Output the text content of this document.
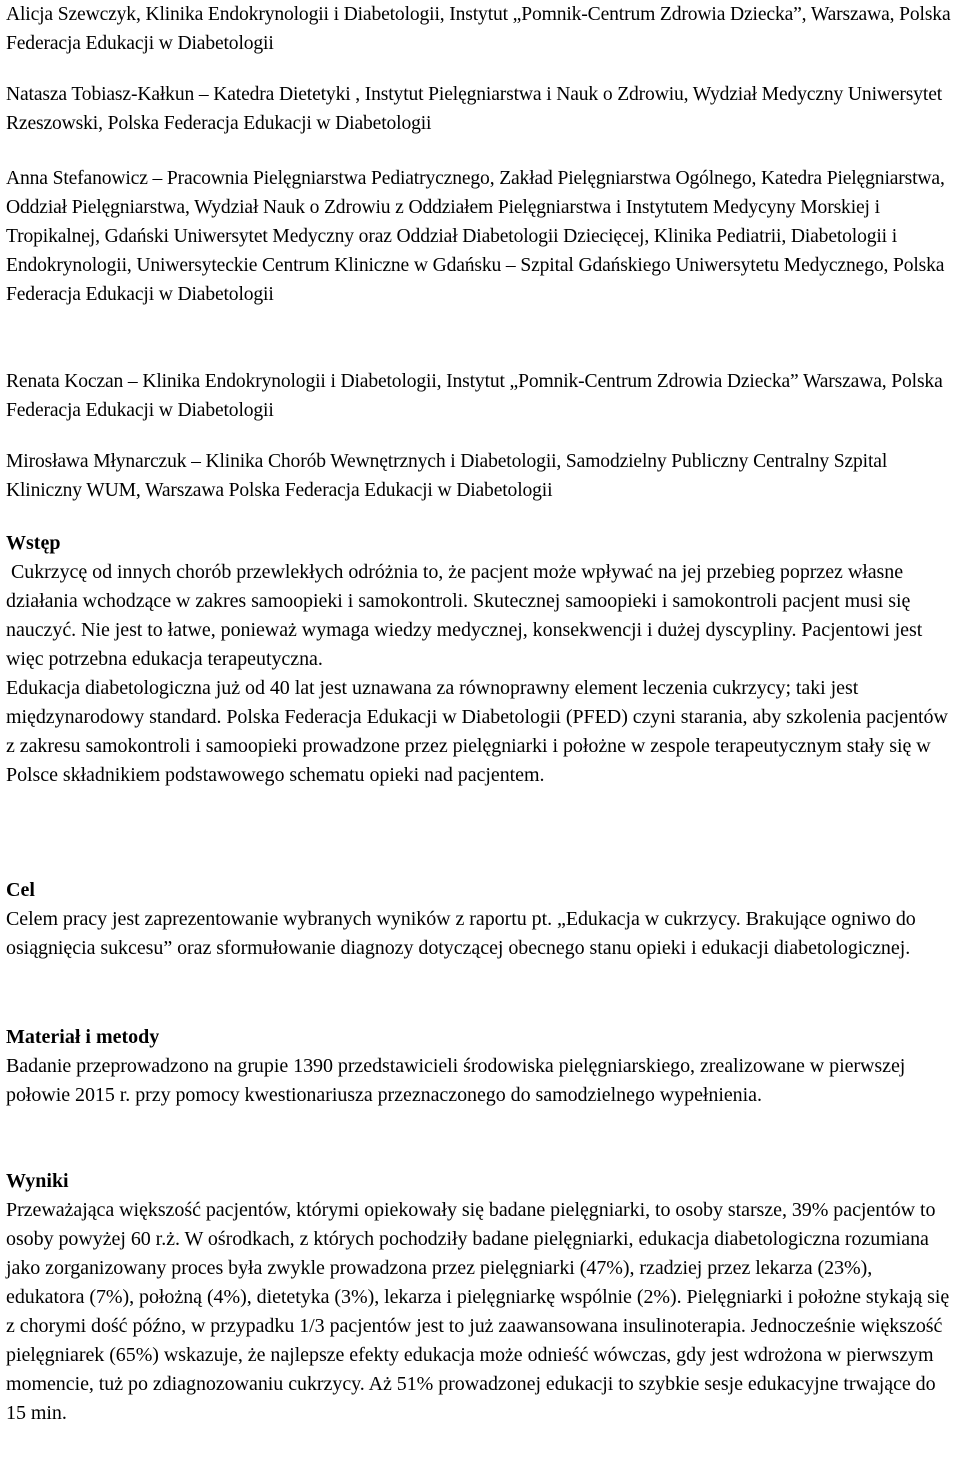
Alicja Szewczyk, Klinika Endokrynologii i Diabetologii, Instytut „Pomnik-Centrum Zdrowia Dziecka”, Warszawa, Polska Federacja Edukacji w Diabetologii

Natasza Tobiasz-Kałkun – Katedra Dietetyki , Instytut Pielęgniarstwa i Nauk o Zdrowiu, Wydział Medyczny Uniwersytet Rzeszowski, Polska Federacja Edukacji w Diabetologii

Anna Stefanowicz – Pracownia Pielęgniarstwa Pediatrycznego, Zakład Pielęgniarstwa Ogólnego, Katedra Pielęgniarstwa, Oddział Pielęgniarstwa, Wydział Nauk o Zdrowiu z Oddziałem Pielęgniarstwa i Instytutem Medycyny Morskiej i Tropikalnej, Gdański Uniwersytet Medyczny oraz Oddział Diabetologii Dziecięcej, Klinika Pediatrii, Diabetologii i Endokrynologii, Uniwersyteckie Centrum Kliniczne w Gdańsku – Szpital Gdańskiego Uniwersytetu Medycznego, Polska Federacja Edukacji w Diabetologii

Renata Koczan – Klinika Endokrynologii i Diabetologii, Instytut „Pomnik-Centrum Zdrowia Dziecka” Warszawa, Polska Federacja Edukacji w Diabetologii

Mirosława Młynarczuk – Klinika Chorób Wewnętrznych i Diabetologii, Samodzielny Publiczny Centralny Szpital Kliniczny WUM, Warszawa Polska Federacja Edukacji w Diabetologii

Wstęp

Cukrzycę od innych chorób przewlekłych odróżnia to, że pacjent może wpływać na jej przebieg poprzez własne działania wchodzące w zakres samoopieki i samokontroli. Skutecznej samoopieki i samokontroli pacjent musi się nauczyć. Nie jest to łatwe, ponieważ wymaga wiedzy medycznej, konsekwencji i dużej dyscypliny. Pacjentowi jest więc potrzebna edukacja terapeutyczna.

Edukacja diabetologiczna już od 40 lat jest uznawana za równoprawny element leczenia cukrzycy; taki jest międzynarodowy standard. Polska Federacja Edukacji w Diabetologii (PFED) czyni starania, aby szkolenia pacjentów z zakresu samokontroli i samoopieki prowadzone przez pielęgniarki i położne w zespole terapeutycznym stały się w Polsce składnikiem podstawowego schematu opieki nad pacjentem.

Cel

Celem pracy jest zaprezentowanie wybranych wyników z raportu pt. „Edukacja w cukrzycy. Brakujące ogniwo do osiągnięcia sukcesu” oraz sformułowanie diagnozy dotyczącej obecnego stanu opieki i edukacji diabetologicznej.

Materiał i metody

Badanie przeprowadzono na grupie 1390 przedstawicieli środowiska pielęgniarskiego, zrealizowane w pierwszej połowie 2015 r. przy pomocy kwestionariusza przeznaczonego do samodzielnego wypełnienia.

Wyniki

Przeważająca większość pacjentów, którymi opiekowały się badane pielęgniarki, to osoby starsze, 39% pacjentów to osoby powyżej 60 r.ż. W ośrodkach, z których pochodziły badane pielęgniarki, edukacja diabetologiczna rozumiana jako zorganizowany proces była zwykle prowadzona przez pielęgniarki (47%), rzadziej przez lekarza (23%), edukatora (7%), położną (4%), dietetyka (3%), lekarza i pielęgniarkę wspólnie (2%). Pielęgniarki i położne stykają się z chorymi dość późno, w przypadku 1/3 pacjentów jest to już zaawansowana insulinoterapia. Jednocześnie większość pielęgniarek (65%) wskazuje, że najlepsze efekty edukacja może odnieść wówczas, gdy jest wdrożona w pierwszym momencie, tuż po zdiagnozowaniu cukrzycy. Aż 51% prowadzonej edukacji to szybkie sesje edukacyjne trwające do 15 min.
